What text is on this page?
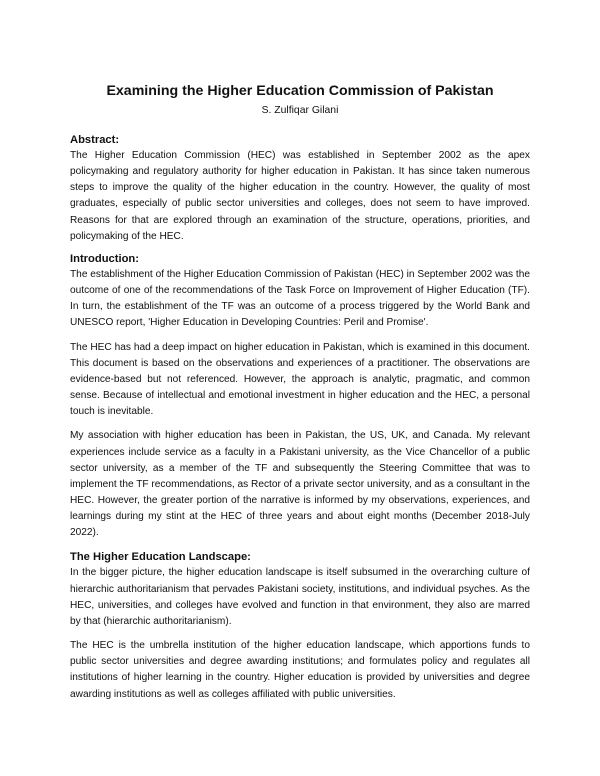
Examining the Higher Education Commission of Pakistan
S. Zulfiqar Gilani
Abstract:

The Higher Education Commission (HEC) was established in September 2002 as the apex policymaking and regulatory authority for higher education in Pakistan. It has since taken numerous steps to improve the quality of the higher education in the country. However, the quality of most graduates, especially of public sector universities and colleges, does not seem to have improved. Reasons for that are explored through an examination of the structure, operations, priorities, and policymaking of the HEC.

Introduction:

The establishment of the Higher Education Commission of Pakistan (HEC) in September 2002 was the outcome of one of the recommendations of the Task Force on Improvement of Higher Education (TF). In turn, the establishment of the TF was an outcome of a process triggered by the World Bank and UNESCO report, 'Higher Education in Developing Countries: Peril and Promise'.

The HEC has had a deep impact on higher education in Pakistan, which is examined in this document. This document is based on the observations and experiences of a practitioner. The observations are evidence-based but not referenced. However, the approach is analytic, pragmatic, and common sense. Because of intellectual and emotional investment in higher education and the HEC, a personal touch is inevitable.

My association with higher education has been in Pakistan, the US, UK, and Canada. My relevant experiences include service as a faculty in a Pakistani university, as the Vice Chancellor of a public sector university, as a member of the TF and subsequently the Steering Committee that was to implement the TF recommendations, as Rector of a private sector university, and as a consultant in the HEC. However, the greater portion of the narrative is informed by my observations, experiences, and learnings during my stint at the HEC of three years and about eight months (December 2018-July 2022).

The Higher Education Landscape:

In the bigger picture, the higher education landscape is itself subsumed in the overarching culture of hierarchic authoritarianism that pervades Pakistani society, institutions, and individual psyches. As the HEC, universities, and colleges have evolved and function in that environment, they also are marred by that (hierarchic authoritarianism).

The HEC is the umbrella institution of the higher education landscape, which apportions funds to public sector universities and degree awarding institutions; and formulates policy and regulates all institutions of higher learning in the country. Higher education is provided by universities and degree awarding institutions as well as colleges affiliated with public universities.
